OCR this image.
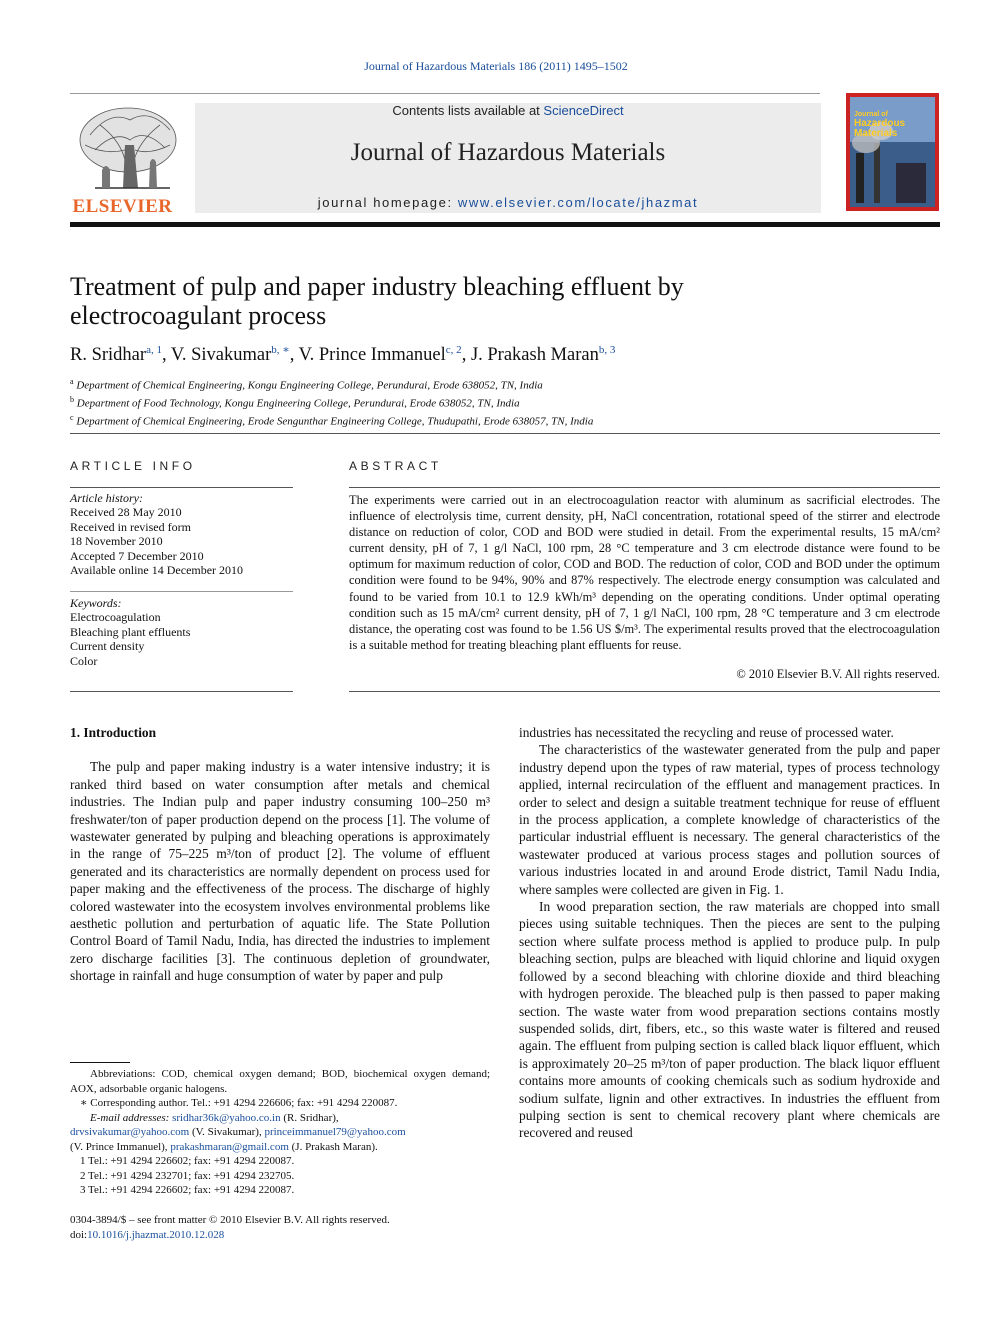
Journal of Hazardous Materials 186 (2011) 1495–1502
ELSEVIER
Contents lists available at ScienceDirect
Journal of Hazardous Materials
journal homepage: www.elsevier.com/locate/jhazmat
Journal of
Hazardous
Materials
Treatment of pulp and paper industry bleaching effluent by electrocoagulant process
R. Sridhar$^{a, 1}$, V. Sivakumar$^{b, ∗}$, V. Prince Immanuel$^{c, 2}$, J. Prakash Maran$^{b, 3}$
$^a$ Department of Chemical Engineering, Kongu Engineering College, Perundurai, Erode 638052, TN, India
$^b$ Department of Food Technology, Kongu Engineering College, Perundurai, Erode 638052, TN, India
$^c$ Department of Chemical Engineering, Erode Sengunthar Engineering College, Thudupathi, Erode 638057, TN, India
ARTICLE INFO
Article history:
Received 28 May 2010
Received in revised form
18 November 2010
Accepted 7 December 2010
Available online 14 December 2010
Keywords:
Electrocoagulation
Bleaching plant effluents
Current density
Color
ABSTRACT
The experiments were carried out in an electrocoagulation reactor with aluminum as sacrificial electrodes. The influence of electrolysis time, current density, pH, NaCl concentration, rotational speed of the stirrer and electrode distance on reduction of color, COD and BOD were studied in detail. From the experimental results, 15 mA/cm² current density, pH of 7, 1 g/l NaCl, 100 rpm, 28 °C temperature and 3 cm electrode distance were found to be optimum for maximum reduction of color, COD and BOD. The reduction of color, COD and BOD under the optimum condition were found to be 94%, 90% and 87% respectively. The electrode energy consumption was calculated and found to be varied from 10.1 to 12.9 kWh/m³ depending on the operating conditions. Under optimal operating condition such as 15 mA/cm² current density, pH of 7, 1 g/l NaCl, 100 rpm, 28 °C temperature and 3 cm electrode distance, the operating cost was found to be 1.56 US $/m³. The experimental results proved that the electrocoagulation is a suitable method for treating bleaching plant effluents for reuse.
© 2010 Elsevier B.V. All rights reserved.
1. Introduction

The pulp and paper making industry is a water intensive industry; it is ranked third based on water consumption after metals and chemical industries. The Indian pulp and paper industry consuming 100–250 m³ freshwater/ton of paper production depend on the process [1]. The volume of wastewater generated by pulping and bleaching operations is approximately in the range of 75–225 m³/ton of product [2]. The volume of effluent generated and its characteristics are normally dependent on process used for paper making and the effectiveness of the process. The discharge of highly colored wastewater into the ecosystem involves environmental problems like aesthetic pollution and perturbation of aquatic life. The State Pollution Control Board of Tamil Nadu, India, has directed the industries to implement zero discharge facilities [3]. The continuous depletion of groundwater, shortage in rainfall and huge consumption of water by paper and pulp

industries has necessitated the recycling and reuse of processed water.

The characteristics of the wastewater generated from the pulp and paper industry depend upon the types of raw material, types of process technology applied, internal recirculation of the effluent and management practices. In order to select and design a suitable treatment technique for reuse of effluent in the process application, a complete knowledge of characteristics of the particular industrial effluent is necessary. The general characteristics of the wastewater produced at various process stages and pollution sources of various industries located in and around Erode district, Tamil Nadu India, where samples were collected are given in Fig. 1.

In wood preparation section, the raw materials are chopped into small pieces using suitable techniques. Then the pieces are sent to the pulping section where sulfate process method is applied to produce pulp. In pulp bleaching section, pulps are bleached with liquid chlorine and liquid oxygen followed by a second bleaching with chlorine dioxide and third bleaching with hydrogen peroxide. The bleached pulp is then passed to paper making section. The waste water from wood preparation sections contains mostly suspended solids, dirt, fibers, etc., so this waste water is filtered and reused again. The effluent from pulping section is called black liquor effluent, which is approximately 20–25 m³/ton of paper production. The black liquor effluent contains more amounts of cooking chemicals such as sodium hydroxide and sodium sulfate, lignin and other extractives. In industries the effluent from pulping section is sent to chemical recovery plant where chemicals are recovered and reused

Abbreviations: COD, chemical oxygen demand; BOD, biochemical oxygen demand; AOX, adsorbable organic halogens.

∗ Corresponding author. Tel.: +91 4294 226606; fax: +91 4294 220087.

E-mail addresses: sridhar36k@yahoo.co.in (R. Sridhar),

drvsivakumar@yahoo.com (V. Sivakumar), princeimmanuel79@yahoo.com

(V. Prince Immanuel), prakashmaran@gmail.com (J. Prakash Maran).

1 Tel.: +91 4294 226602; fax: +91 4294 220087.

2 Tel.: +91 4294 232701; fax: +91 4294 232705.

3 Tel.: +91 4294 226602; fax: +91 4294 220087.

0304-3894/$ – see front matter © 2010 Elsevier B.V. All rights reserved.
doi:10.1016/j.jhazmat.2010.12.028
